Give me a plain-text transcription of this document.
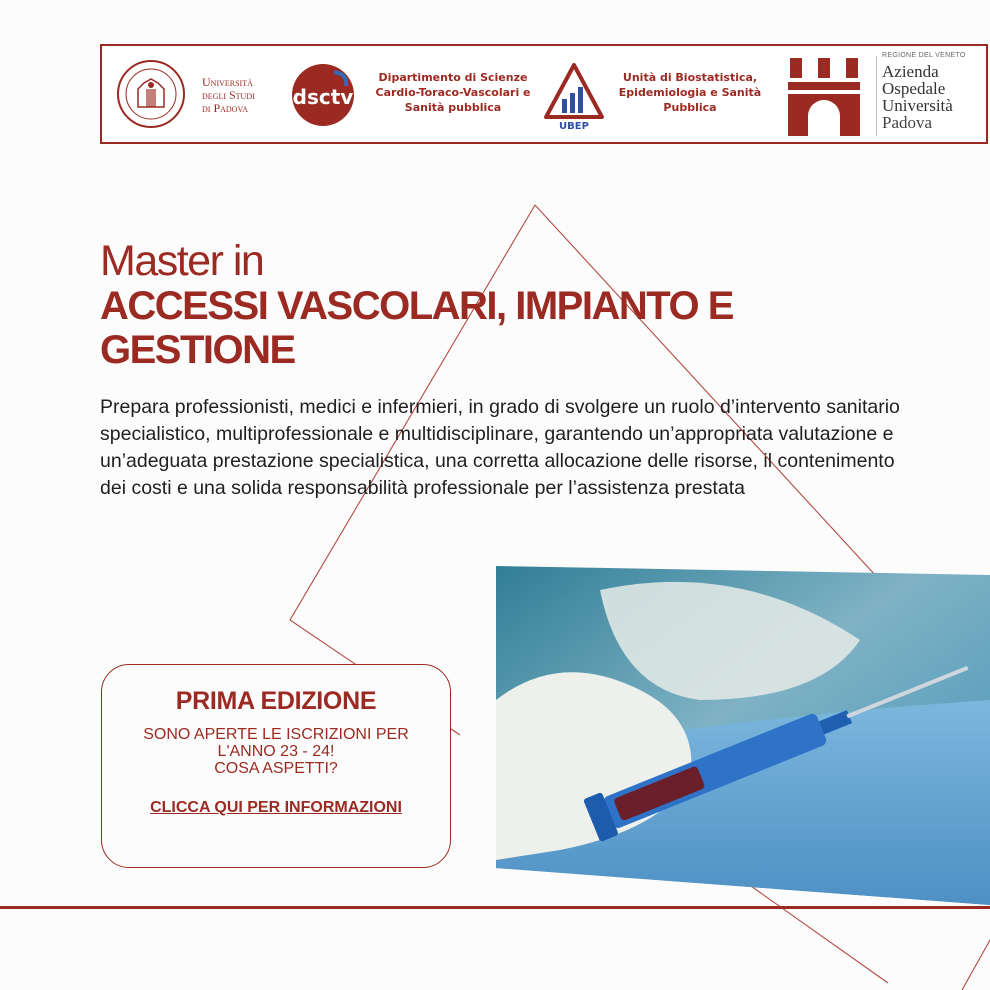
Università
degli Studi
di Padova	dsctv
Dipartimento di Scienze
Cardio-Toraco-Vascolari e
Sanità pubblica
UBEP
Unità di Biostatistica,
Epidemiologia e Sanità
Pubblica
REGIONE DEL VENETO
Azienda
Ospedale
Università
Padova
Master in
ACCESSI VASCOLARI, IMPIANTO E
GESTIONE

Prepara professionisti, medici e infermieri, in grado di svolgere un ruolo d’intervento sanitario specialistico, multiprofessionale e multidisciplinare, garantendo un’appropriata valutazione e un’adeguata prestazione specialistica, una corretta allocazione delle risorse, il contenimento dei costi e una solida responsabilità professionale per l’assistenza prestata

PRIMA EDIZIONE
SONO APERTE LE ISCRIZIONI PER
L'ANNO 23 - 24!
COSA ASPETTI?
CLICCA QUI PER INFORMAZIONI
